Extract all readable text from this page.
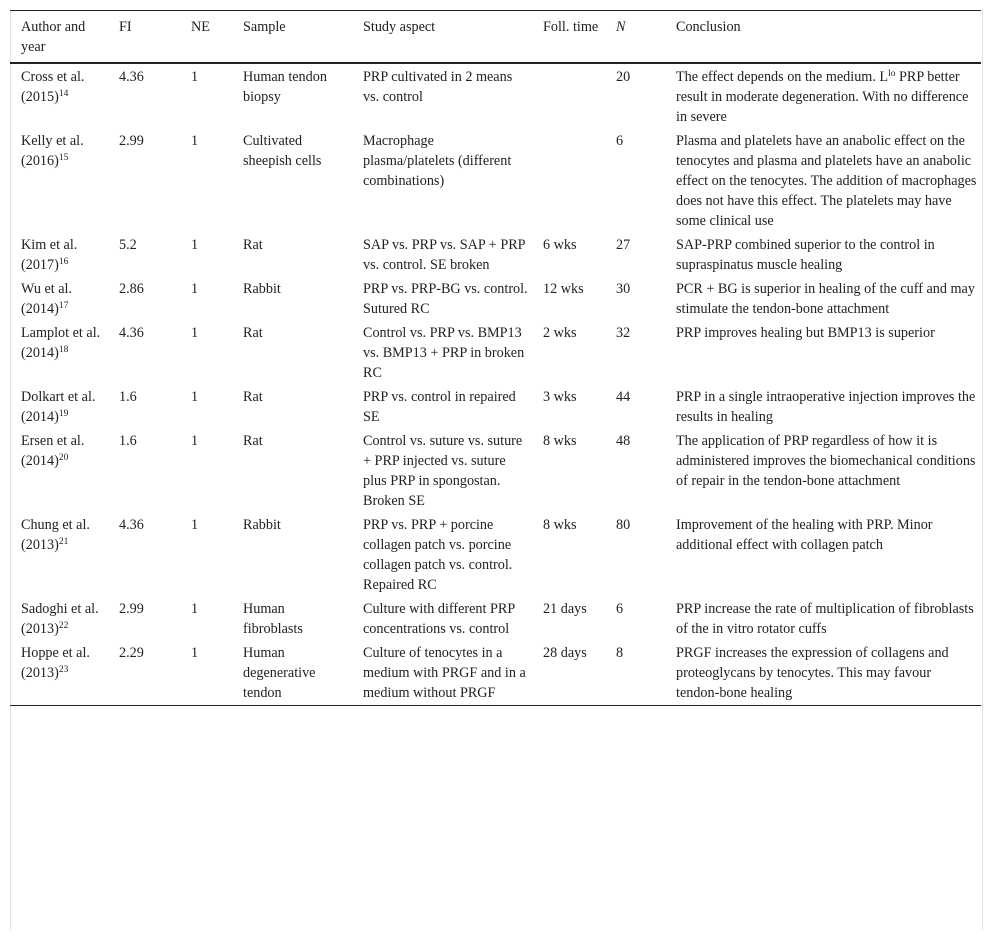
Author and year	FI	NE	Sample	Study aspect	Foll. time	N	Conclusion
Cross et al. $(2015)^{14}$	4.36	1	Human tendon biopsy	PRP cultivated in 2 means vs. control		20	The effect depends on the medium. $L^{lo}$ PRP better result in moderate degeneration. With no difference in severe
Kelly et al. $(2016)^{15}$	2.99	1	Cultivated sheepish cells	Macrophage plasma/platelets (different combinations)		6	Plasma and platelets have an anabolic effect on the tenocytes and plasma and platelets have an anabolic effect on the tenocytes. The addition of macrophages does not have this effect. The platelets may have some clinical use
Kim et al. $(2017)^{16}$	5.2	1	Rat	SAP vs. PRP vs. SAP + PRP vs. control. SE broken	6 wks	27	SAP-PRP combined superior to the control in supraspinatus muscle healing
Wu et al. $(2014)^{17}$	2.86	1	Rabbit	PRP vs. PRP-BG vs. control. Sutured RC	12 wks	30	PCR + BG is superior in healing of the cuff and may stimulate the tendon-bone attachment
Lamplot et al. $(2014)^{18}$	4.36	1	Rat	Control vs. PRP vs. BMP13 vs. BMP13 + PRP in broken RC	2 wks	32	PRP improves healing but BMP13 is superior
Dolkart et al. $(2014)^{19}$	1.6	1	Rat	PRP vs. control in repaired SE	3 wks	44	PRP in a single intraoperative injection improves the results in healing
Ersen et al. $(2014)^{20}$	1.6	1	Rat	Control vs. suture vs. suture + PRP injected vs. suture plus PRP in spongostan. Broken SE	8 wks	48	The application of PRP regardless of how it is administered improves the biomechanical conditions of repair in the tendon-bone attachment
Chung et al. $(2013)^{21}$	4.36	1	Rabbit	PRP vs. PRP + porcine collagen patch vs. porcine collagen patch vs. control. Repaired RC	8 wks	80	Improvement of the healing with PRP. Minor additional effect with collagen patch
Sadoghi et al. $(2013)^{22}$	2.99	1	Human fibroblasts	Culture with different PRP concentrations vs. control	21 days	6	PRP increase the rate of multiplication of fibroblasts of the in vitro rotator cuffs
Hoppe et al. $(2013)^{23}$	2.29	1	Human degenerative tendon	Culture of tenocytes in a medium with PRGF and in a medium without PRGF	28 days	8	PRGF increases the expression of collagens and proteoglycans by tenocytes. This may favour tendon-bone healing
